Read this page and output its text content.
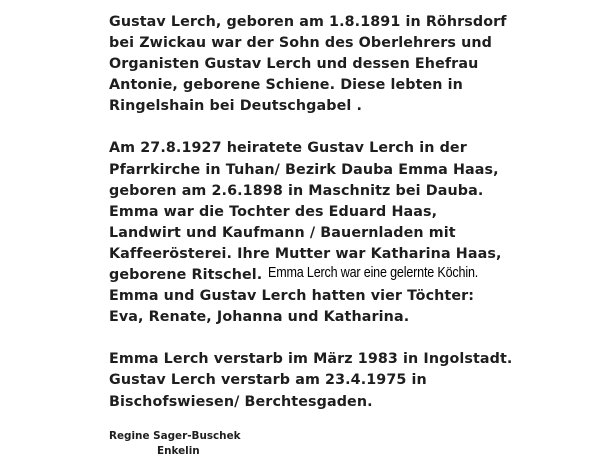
Gustav Lerch, geboren am 1.8.1891 in Röhrsdorf
bei Zwickau war der Sohn des Oberlehrers und
Organisten Gustav Lerch und dessen Ehefrau
Antonie, geborene Schiene. Diese lebten in
Ringelshain bei Deutschgabel .

Am 27.8.1927 heiratete Gustav Lerch in der
Pfarrkirche in Tuhan/ Bezirk Dauba Emma Haas,
geboren am 2.6.1898 in Maschnitz bei Dauba.
Emma war die Tochter des Eduard Haas,
Landwirt und Kaufmann / Bauernladen mit
Kaffeerösterei. Ihre Mutter war Katharina Haas,
geborene Ritschel. Emma Lerch war eine gelernte Köchin.
Emma und Gustav Lerch hatten vier Töchter:
Eva, Renate, Johanna und Katharina.

Emma Lerch verstarb im März 1983 in Ingolstadt.
Gustav Lerch verstarb am 23.4.1975 in
Bischofswiesen/ Berchtesgaden.

Regine Sager-Buschek
Enkelin
